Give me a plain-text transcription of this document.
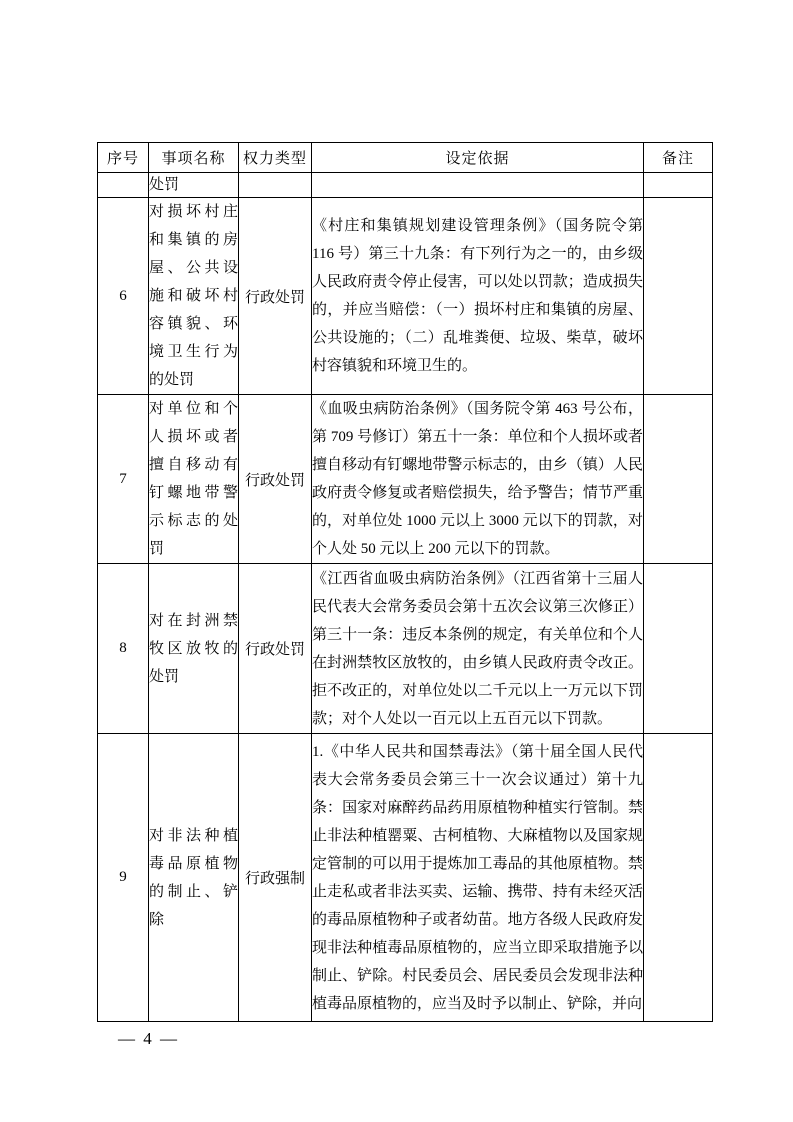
序号	事项名称	权力类型	设定依据	备注
	处罚			
6	对损坏村庄和集镇的房屋、公共设施和破坏村容镇貌、环境卫生行为的处罚	行政处罚	《村庄和集镇规划建设管理条例》（国务院令第 116 号）第三十九条：有下列行为之一的，由乡级人民政府责令停止侵害，可以处以罚款；造成损失的，并应当赔偿：（一）损坏村庄和集镇的房屋、公共设施的；（二）乱堆粪便、垃圾、柴草，破坏村容镇貌和环境卫生的。	
7	对单位和个人损坏或者擅自移动有钉螺地带警示标志的处罚	行政处罚	《血吸虫病防治条例》（国务院令第 463 号公布，第 709 号修订）第五十一条：单位和个人损坏或者擅自移动有钉螺地带警示标志的，由乡（镇）人民政府责令修复或者赔偿损失，给予警告；情节严重的，对单位处 1000 元以上 3000 元以下的罚款，对个人处 50 元以上 200 元以下的罚款。	
8	对在封洲禁牧区放牧的处罚	行政处罚	《江西省血吸虫病防治条例》（江西省第十三届人民代表大会常务委员会第十五次会议第三次修正）第三十一条：违反本条例的规定，有关单位和个人在封洲禁牧区放牧的，由乡镇人民政府责令改正。拒不改正的，对单位处以二千元以上一万元以下罚款；对个人处以一百元以上五百元以下罚款。	
9	对非法种植毒品原植物的制止、铲除	行政强制	1.《中华人民共和国禁毒法》（第十届全国人民代表大会常务委员会第三十一次会议通过）第十九条：国家对麻醉药品药用原植物种植实行管制。禁止非法种植罂粟、古柯植物、大麻植物以及国家规定管制的可以用于提炼加工毒品的其他原植物。禁止走私或者非法买卖、运输、携带、持有未经灭活的毒品原植物种子或者幼苗。地方各级人民政府发现非法种植毒品原植物的，应当立即采取措施予以制止、铲除。村民委员会、居民委员会发现非法种植毒品原植物的，应当及时予以制止、铲除，并向	
— 4 —
